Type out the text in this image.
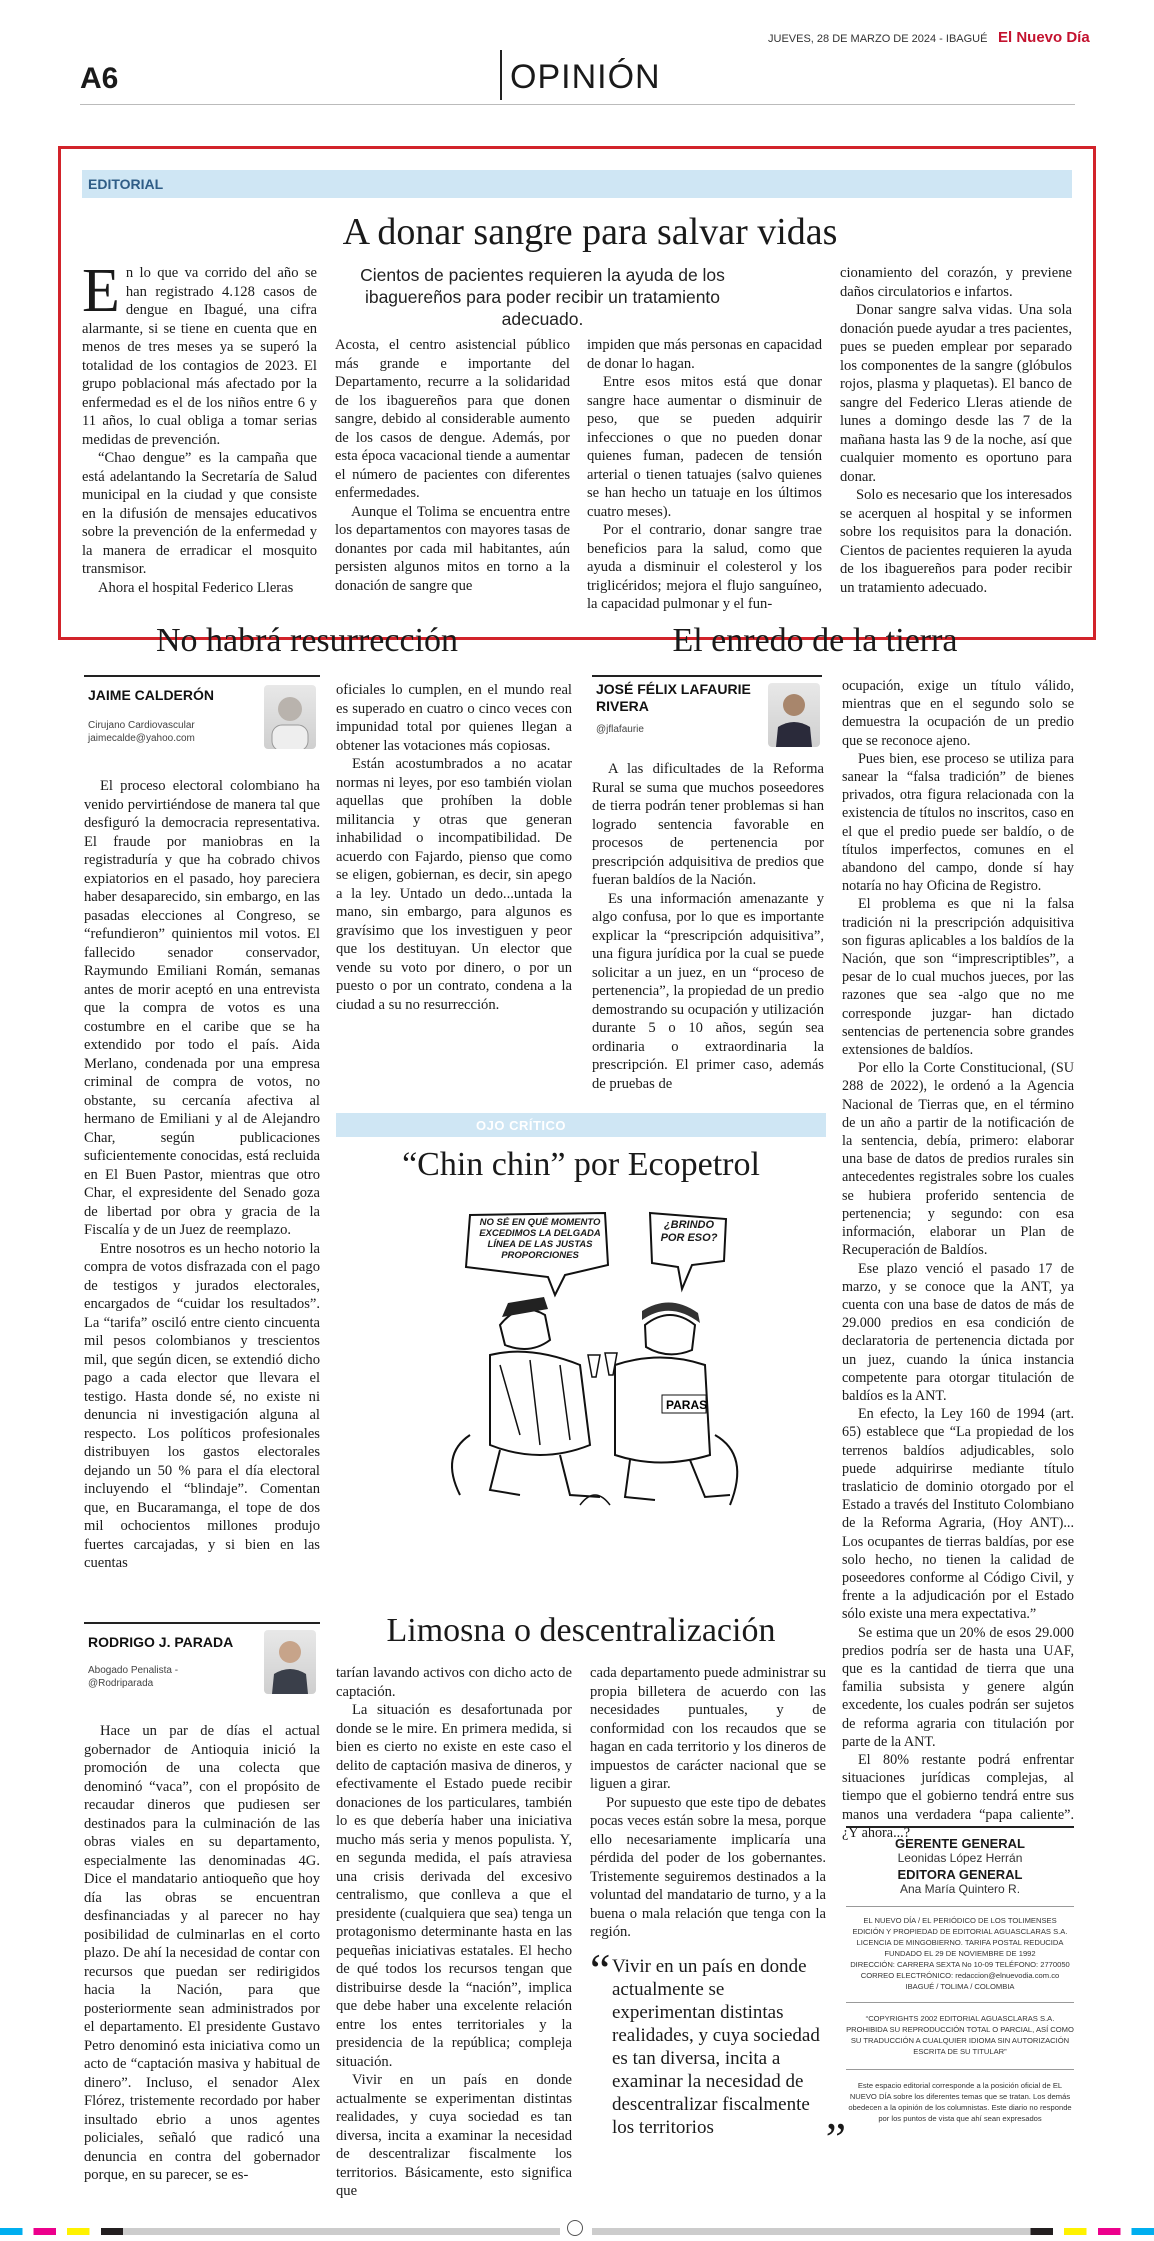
A6	OPINIÓN
JUEVES, 28 DE MARZO DE 2024 - IBAGUÉ El Nuevo Día
EDITORIAL
A donar sangre para salvar vidas
Cientos de pacientes requieren la ayuda de los ibaguereños para poder recibir un tratamiento adecuado.

En lo que va corrido del año se han registrado 4.128 casos de dengue en Ibagué, una cifra alarmante, si se tiene en cuenta que en menos de tres meses ya se superó la totalidad de los contagios de 2023. El grupo poblacional más afectado por la enfermedad es el de los niños entre 6 y 11 años, lo cual obliga a tomar serias medidas de prevención.

“Chao dengue” es la campaña que está adelantando la Secretaría de Salud municipal en la ciudad y que consiste en la difusión de mensajes educativos sobre la prevención de la enfermedad y la manera de erradicar el mosquito transmisor.

Ahora el hospital Federico Lleras

Acosta, el centro asistencial público más grande e importante del Departamento, recurre a la solidaridad de los ibaguereños para que donen sangre, debido al considerable aumento de los casos de dengue. Además, por esta época vacacional tiende a aumentar el número de pacientes con diferentes enfermedades.

Aunque el Tolima se encuentra entre los departamentos con mayores tasas de donantes por cada mil habitantes, aún persisten algunos mitos en torno a la donación de sangre que

impiden que más personas en capacidad de donar lo hagan.

Entre esos mitos está que donar sangre hace aumentar o disminuir de peso, que se pueden adquirir infecciones o que no pueden donar quienes fuman, padecen de tensión arterial o tienen tatuajes (salvo quienes se han hecho un tatuaje en los últimos cuatro meses).

Por el contrario, donar sangre trae beneficios para la salud, como que ayuda a disminuir el colesterol y los triglicéridos; mejora el flujo sanguíneo, la capacidad pulmonar y el fun-

cionamiento del corazón, y previene daños circulatorios e infartos.

Donar sangre salva vidas. Una sola donación puede ayudar a tres pacientes, pues se pueden emplear por separado los componentes de la sangre (glóbulos rojos, plasma y plaquetas). El banco de sangre del Federico Lleras atiende de lunes a domingo desde las 7 de la mañana hasta las 9 de la noche, así que cualquier momento es oportuno para donar.

Solo es necesario que los interesados se acerquen al hospital y se informen sobre los requisitos para la donación. Cientos de pacientes requieren la ayuda de los ibaguereños para poder recibir un tratamiento adecuado.

No habrá resurrección
JAIME CALDERÓN
Cirujano Cardiovascular
jaimecalde@yahoo.com

El proceso electoral colombiano ha venido pervirtiéndose de manera tal que desfiguró la democracia representativa. El fraude por maniobras en la registraduría y que ha cobrado chivos expiatorios en el pasado, hoy pareciera haber desaparecido, sin embargo, en las pasadas elecciones al Congreso, se “refundieron” quinientos mil votos. El fallecido senador conservador, Raymundo Emiliani Román, semanas antes de morir aceptó en una entrevista que la compra de votos es una costumbre en el caribe que se ha extendido por todo el país. Aida Merlano, condenada por una empresa criminal de compra de votos, no obstante, su cercanía afectiva al hermano de Emiliani y al de Alejandro Char, según publicaciones suficientemente conocidas, está recluida en El Buen Pastor, mientras que otro Char, el expresidente del Senado goza de libertad por obra y gracia de la Fiscalía y de un Juez de reemplazo.

Entre nosotros es un hecho notorio la compra de votos disfrazada con el pago de testigos y jurados electorales, encargados de “cuidar los resultados”. La “tarifa” osciló entre ciento cincuenta mil pesos colombianos y trescientos mil, que según dicen, se extendió dicho pago a cada elector que llevara el testigo. Hasta donde sé, no existe ni denuncia ni investigación alguna al respecto. Los políticos profesionales distribuyen los gastos electorales dejando un 50 % para el día electoral incluyendo el “blindaje”. Comentan que, en Bucaramanga, el tope de dos mil ochocientos millones produjo fuertes carcajadas, y si bien en las cuentas

oficiales lo cumplen, en el mundo real es superado en cuatro o cinco veces con impunidad total por quienes llegan a obtener las votaciones más copiosas.

Están acostumbrados a no acatar normas ni leyes, por eso también violan aquellas que prohíben la doble militancia y otras que generan inhabilidad o incompatibilidad. De acuerdo con Fajardo, pienso que como se eligen, gobiernan, es decir, sin apego a la ley. Untado un dedo...untada la mano, sin embargo, para algunos es gravísimo que los investiguen y peor que los destituyan. Un elector que vende su voto por dinero, o por un puesto o por un contrato, condena a la ciudad a su no resurrección.

El enredo de la tierra
JOSÉ FÉLIX LAFAURIE
RIVERA
@jflafaurie

A las dificultades de la Reforma Rural se suma que muchos poseedores de tierra podrán tener problemas si han logrado sentencia favorable en procesos de pertenencia por prescripción adquisitiva de predios que fueran baldíos de la Nación.

Es una información amenazante y algo confusa, por lo que es importante explicar la “prescripción adquisitiva”, una figura jurídica por la cual se puede solicitar a un juez, en un “proceso de pertenencia”, la propiedad de un predio demostrando su ocupación y utilización durante 5 o 10 años, según sea ordinaria o extraordinaria la prescripción. El primer caso, además de pruebas de

ocupación, exige un título válido, mientras que en el segundo solo se demuestra la ocupación de un predio que se reconoce ajeno.

Pues bien, ese proceso se utiliza para sanear la “falsa tradición” de bienes privados, otra figura relacionada con la existencia de títulos no inscritos, caso en el que el predio puede ser baldío, o de títulos imperfectos, comunes en el abandono del campo, donde sí hay notaría no hay Oficina de Registro.

El problema es que ni la falsa tradición ni la prescripción adquisitiva son figuras aplicables a los baldíos de la Nación, que son “imprescriptibles”, a pesar de lo cual muchos jueces, por las razones que sea -algo que no me corresponde juzgar- han dictado sentencias de pertenencia sobre grandes extensiones de baldíos.

Por ello la Corte Constitucional, (SU 288 de 2022), le ordenó a la Agencia Nacional de Tierras que, en el término de un año a partir de la notificación de la sentencia, debía, primero: elaborar una base de datos de predios rurales sin antecedentes registrales sobre los cuales se hubiera proferido sentencia de pertenencia; y segundo: con esa información, elaborar un Plan de Recuperación de Baldíos.

Ese plazo venció el pasado 17 de marzo, y se conoce que la ANT, ya cuenta con una base de datos de más de 29.000 predios en esa condición de declaratoria de pertenencia dictada por un juez, cuando la única instancia competente para otorgar titulación de baldíos es la ANT.

En efecto, la Ley 160 de 1994 (art. 65) establece que “La propiedad de los terrenos baldíos adjudicables, solo puede adquirirse mediante título traslaticio de dominio otorgado por el Estado a través del Instituto Colombiano de la Reforma Agraria, (Hoy ANT)... Los ocupantes de tierras baldías, por ese solo hecho, no tienen la calidad de poseedores conforme al Código Civil, y frente a la adjudicación por el Estado sólo existe una mera expectativa.”

Se estima que un 20% de esos 29.000 predios podría ser de hasta una UAF, que es la cantidad de tierra que una familia subsista y genere algún excedente, los cuales podrán ser sujetos de reforma agraria con titulación por parte de la ANT.

El 80% restante podrá enfrentar situaciones jurídicas complejas, al tiempo que el gobierno tendrá entre sus manos una verdadera “papa caliente”. ¿Y ahora...?

OJO CRÍTICO
“Chin chin” por Ecopetrol
NO SÉ EN QUÉ MOMENTO EXCEDIMOS LA DELGADA LÍNEA DE LAS JUSTAS PROPORCIONES
¿BRINDO POR ESO?
PARAS
Limosna o descentralización
RODRIGO J. PARADA
Abogado Penalista -
@Rodriparada

Hace un par de días el actual gobernador de Antioquia inició la promoción de una colecta que denominó “vaca”, con el propósito de recaudar dineros que pudiesen ser destinados para la culminación de las obras viales en su departamento, especialmente las denominadas 4G. Dice el mandatario antioqueño que hoy día las obras se encuentran desfinanciadas y al parecer no hay posibilidad de culminarlas en el corto plazo. De ahí la necesidad de contar con recursos que puedan ser redirigidos hacia la Nación, para que posteriormente sean administrados por el departamento. El presidente Gustavo Petro denominó esta iniciativa como un acto de “captación masiva y habitual de dinero”. Incluso, el senador Alex Flórez, tristemente recordado por haber insultado ebrio a unos agentes policiales, señaló que radicó una denuncia en contra del gobernador porque, en su parecer, se es-

tarían lavando activos con dicho acto de captación.

La situación es desafortunada por donde se le mire. En primera medida, si bien es cierto no existe en este caso el delito de captación masiva de dineros, y efectivamente el Estado puede recibir donaciones de los particulares, también lo es que debería haber una iniciativa mucho más seria y menos populista. Y, en segunda medida, el país atraviesa una crisis derivada del excesivo centralismo, que conlleva a que el presidente (cualquiera que sea) tenga un protagonismo determinante hasta en las pequeñas iniciativas estatales. El hecho de qué todos los recursos tengan que distribuirse desde la “nación”, implica que debe haber una excelente relación entre los entes territoriales y la presidencia de la república; compleja situación.

Vivir en un país en donde actualmente se experimentan distintas realidades, y cuya sociedad es tan diversa, incita a examinar la necesidad de descentralizar fiscalmente los territorios. Básicamente, esto significa que

cada departamento puede administrar su propia billetera de acuerdo con las necesidades puntuales, y de conformidad con los recaudos que se hagan en cada territorio y los dineros de impuestos de carácter nacional que se liguen a girar.

Por supuesto que este tipo de debates pocas veces están sobre la mesa, porque ello necesariamente implicaría una pérdida del poder de los gobernantes. Tristemente seguiremos destinados a la voluntad del mandatario de turno, y a la buena o mala relación que tenga con la región.

“ Vivir en un país en donde actualmente se experimentan distintas realidades, y cuya sociedad es tan diversa, incita a examinar la necesidad de descentralizar fiscalmente los territorios	”
GERENTE GENERAL
Leonidas López Herrán
EDITORA GENERAL
Ana María Quintero R.
EL NUEVO DÍA / EL PERIÓDICO DE LOS TOLIMENSES
EDICIÓN Y PROPIEDAD DE EDITORIAL AGUASCLARAS S.A.
LICENCIA DE MINGOBIERNO. TARIFA POSTAL REDUCIDA
FUNDADO EL 29 DE NOVIEMBRE DE 1992
DIRECCIÓN: CARRERA SEXTA No 10-09 TELÉFONO: 2770050
CORREO ELECTRÓNICO: redaccion@elnuevodia.com.co
IBAGUÉ / TOLIMA / COLOMBIA
“COPYRIGHTS 2002 EDITORIAL AGUASCLARAS S.A. PROHIBIDA SU REPRODUCCIÓN TOTAL O PARCIAL, ASÍ COMO SU TRADUCCIÓN A CUALQUIER IDIOMA SIN AUTORIZACIÓN ESCRITA DE SU TITULAR”
Este espacio editorial corresponde a la posición oficial de EL NUEVO DÍA sobre los diferentes temas que se tratan. Los demás obedecen a la opinión de los columnistas. Este diario no responde por los puntos de vista que ahí sean expresados
